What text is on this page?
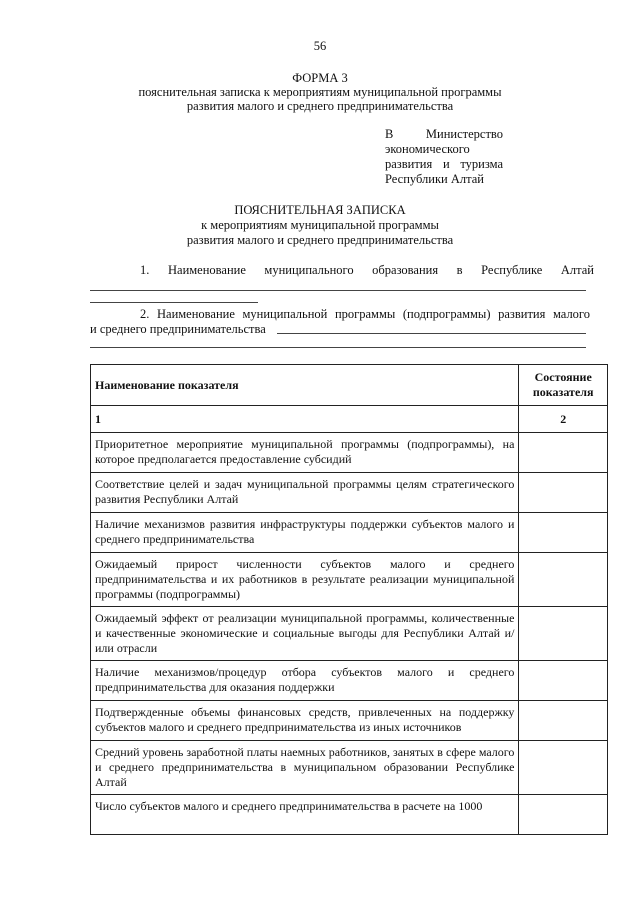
56
ФОРМА 3
пояснительная записка к мероприятиям муниципальной программы
развития малого и среднего предпринимательства
В	Министерство
экономического
развития и туризма
Республики Алтай
ПОЯСНИТЕЛЬНАЯ ЗАПИСКА
к мероприятиям муниципальной программы
развития малого и среднего предпринимательства
1.	Наименование муниципального образования в Республике Алтай
2. Наименование муниципальной программы (подпрограммы) развития малого
и среднего предпринимательства
Наименование показателя	Состояние показателя
1	2
Приоритетное мероприятие муниципальной программы (подпрограммы), на которое предполагается предоставление субсидий	
Соответствие целей и задач муниципальной программы целям стратегического развития Республики Алтай	
Наличие механизмов развития инфраструктуры поддержки субъектов малого и среднего предпринимательства	
Ожидаемый прирост численности субъектов малого и среднего предпринимательства и их работников в результате реализации муниципальной программы (подпрограммы)	
Ожидаемый эффект от реализации муниципальной программы, количественные и качественные экономические и социальные выгоды для Республики Алтай и/или отрасли	
Наличие механизмов/процедур отбора субъектов малого и среднего предпринимательства для оказания поддержки	
Подтвержденные объемы финансовых средств, привлеченных на поддержку субъектов малого и среднего предпринимательства из иных источников	
Средний уровень заработной платы наемных работников, занятых в сфере малого и среднего предпринимательства в муниципальном образовании Республике Алтай	
Число субъектов малого и среднего предпринимательства в расчете на 1000	
